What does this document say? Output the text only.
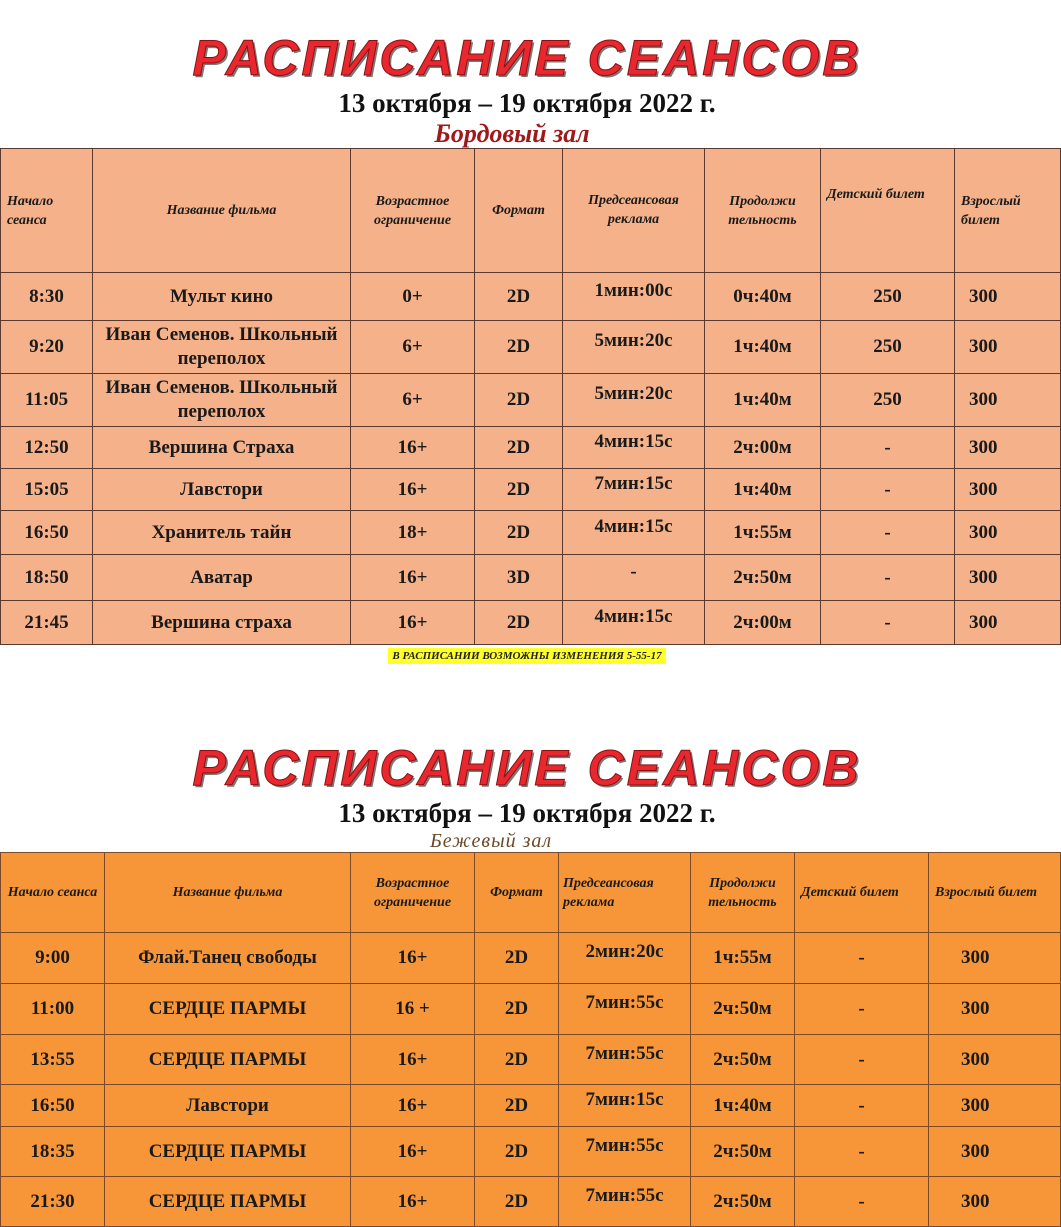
РАСПИСАНИЕ СЕАНСОВ
13 октября – 19 октября 2022 г.
Бордовый зал
Начало сеанса	Название фильма	Возрастное ограничение	Формат	Предсеансовая реклама	Продолжи тельность	Детский билет	Взрослый билет
8:30	Мульт кино	0+	2D	1мин:00с	0ч:40м	250	300
9:20	Иван Семенов. Школьный переполох	6+	2D	5мин:20с	1ч:40м	250	300
11:05	Иван Семенов. Школьный переполох	6+	2D	5мин:20с	1ч:40м	250	300
12:50	Вершина Страха	16+	2D	4мин:15с	2ч:00м	-	300
15:05	Лавстори	16+	2D	7мин:15с	1ч:40м	-	300
16:50	Хранитель тайн	18+	2D	4мин:15с	1ч:55м	-	300
18:50	Аватар	16+	3D	-	2ч:50м	-	300
21:45	Вершина страха	16+	2D	4мин:15с	2ч:00м	-	300
В РАСПИСАНИИ ВОЗМОЖНЫ ИЗМЕНЕНИЯ 5-55-17
РАСПИСАНИЕ СЕАНСОВ
13 октября – 19 октября 2022 г.
Бежевый зал
Начало сеанса	Название фильма	Возрастное ограничение	Формат	Предсеансовая реклама	Продолжи тельность	Детский билет	Взрослый билет
9:00	Флай.Танец свободы	16+	2D	2мин:20с	1ч:55м	-	300
11:00	СЕРДЦЕ ПАРМЫ	16 +	2D	7мин:55с	2ч:50м	-	300
13:55	СЕРДЦЕ ПАРМЫ	16+	2D	7мин:55с	2ч:50м	-	300
16:50	Лавстори	16+	2D	7мин:15с	1ч:40м	-	300
18:35	СЕРДЦЕ ПАРМЫ	16+	2D	7мин:55с	2ч:50м	-	300
21:30	СЕРДЦЕ ПАРМЫ	16+	2D	7мин:55с	2ч:50м	-	300
